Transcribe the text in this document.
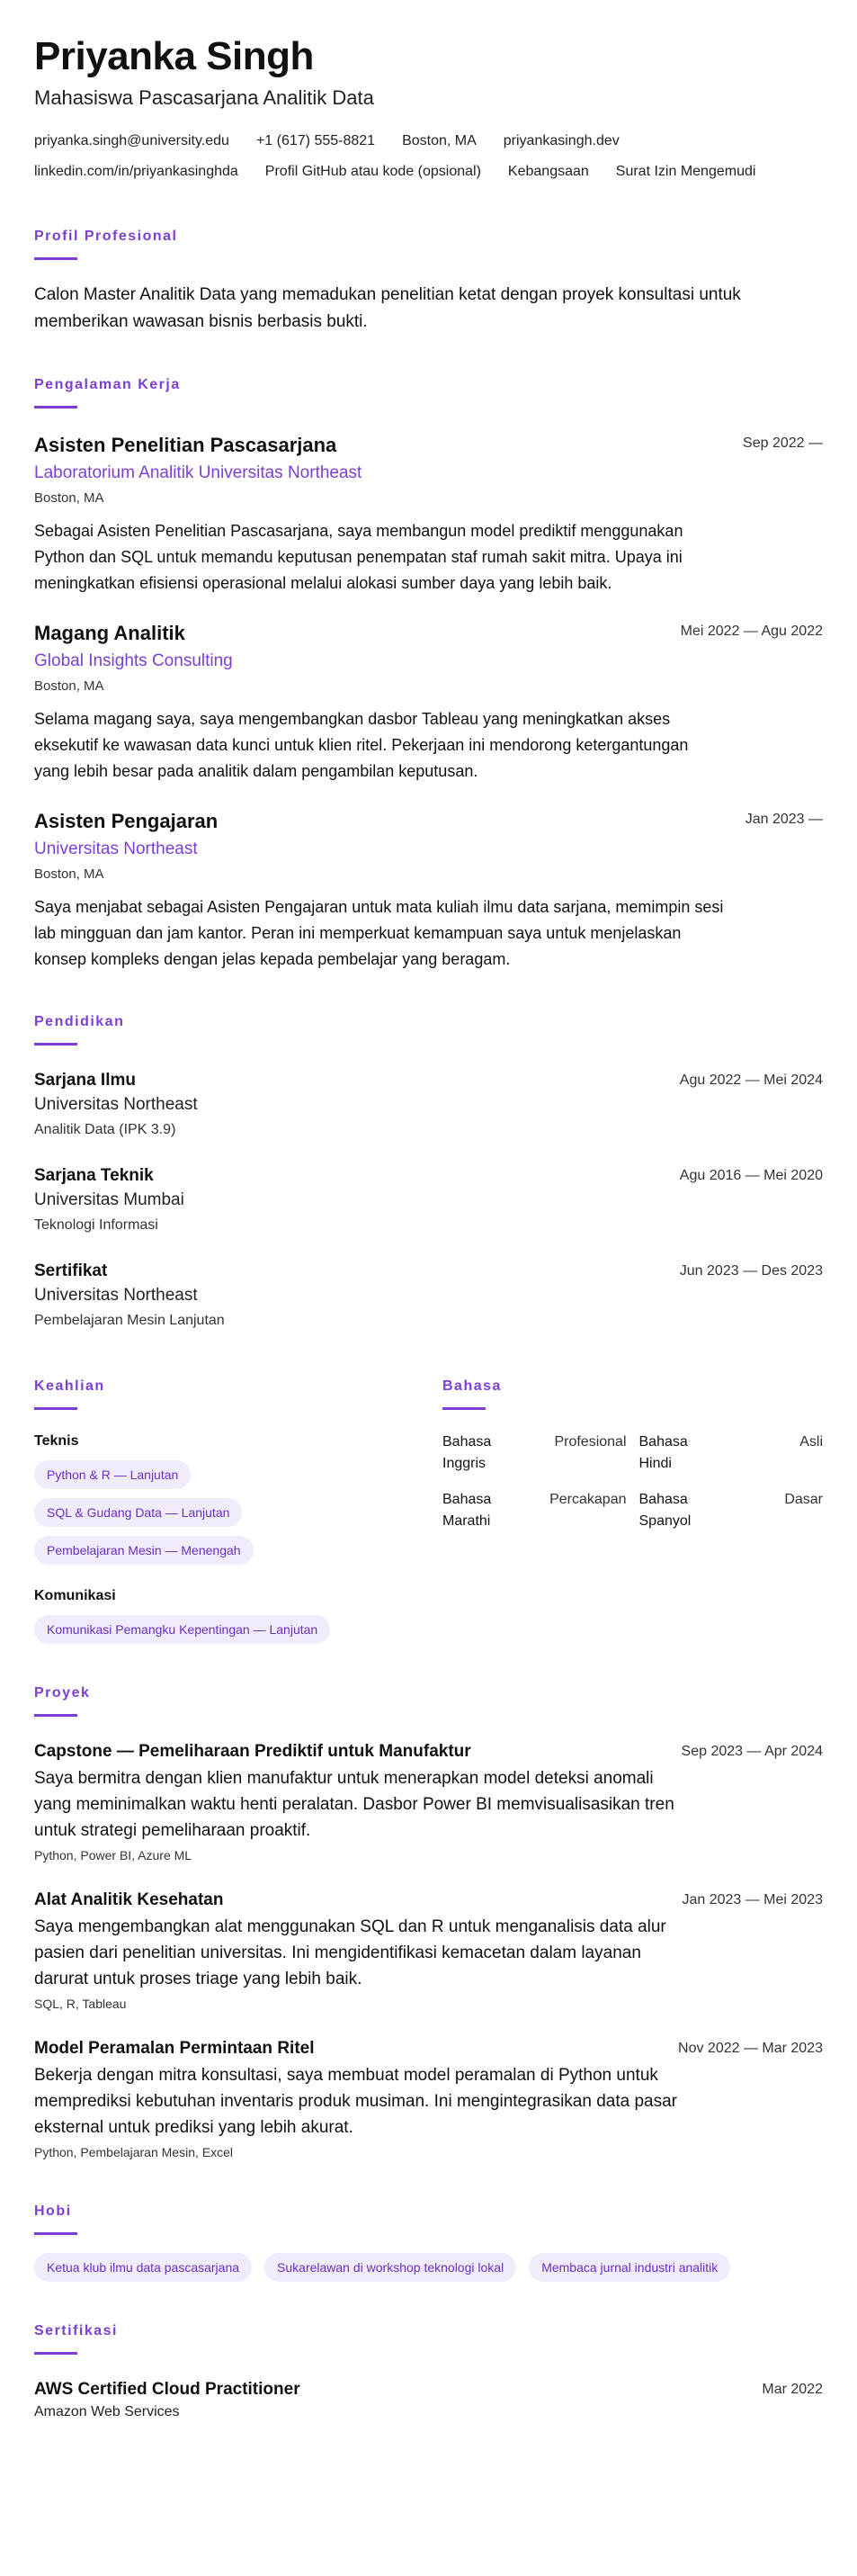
Priyanka Singh
Mahasiswa Pascasarjana Analitik Data
priyanka.singh@university.edu +1 (617) 555-8821 Boston, MA priyankasingh.dev
linkedin.com/in/priyankasinghda Profil GitHub atau kode (opsional) Kebangsaan Surat Izin Mengemudi
Profil Profesional
Calon Master Analitik Data yang memadukan penelitian ketat dengan proyek konsultasi untuk memberikan wawasan bisnis berbasis bukti.
Pengalaman Kerja
Sep 2022 —
Asisten Penelitian Pascasarjana
Laboratorium Analitik Universitas Northeast
Boston, MA
Sebagai Asisten Penelitian Pascasarjana, saya membangun model prediktif menggunakan Python dan SQL untuk memandu keputusan penempatan staf rumah sakit mitra. Upaya ini meningkatkan efisiensi operasional melalui alokasi sumber daya yang lebih baik.
Mei 2022 — Agu 2022
Magang Analitik
Global Insights Consulting
Boston, MA
Selama magang saya, saya mengembangkan dasbor Tableau yang meningkatkan akses eksekutif ke wawasan data kunci untuk klien ritel. Pekerjaan ini mendorong ketergantungan yang lebih besar pada analitik dalam pengambilan keputusan.
Jan 2023 —
Asisten Pengajaran
Universitas Northeast
Boston, MA
Saya menjabat sebagai Asisten Pengajaran untuk mata kuliah ilmu data sarjana, memimpin sesi lab mingguan dan jam kantor. Peran ini memperkuat kemampuan saya untuk menjelaskan konsep kompleks dengan jelas kepada pembelajar yang beragam.
Pendidikan
Agu 2022 — Mei 2024
Sarjana Ilmu
Universitas Northeast
Analitik Data (IPK 3.9)
Agu 2016 — Mei 2020
Sarjana Teknik
Universitas Mumbai
Teknologi Informasi
Jun 2023 — Des 2023
Sertifikat
Universitas Northeast
Pembelajaran Mesin Lanjutan
Keahlian
Teknis
Python & R — Lanjutan
SQL & Gudang Data — Lanjutan
Pembelajaran Mesin — Menengah
Komunikasi
Komunikasi Pemangku Kepentingan — Lanjutan
Bahasa
Bahasa Inggris
Profesional Bahasa Hindi
Asli
Bahasa Marathi
Percakapan Bahasa Spanyol
Dasar
Proyek
Sep 2023 — Apr 2024
Capstone — Pemeliharaan Prediktif untuk Manufaktur
Saya bermitra dengan klien manufaktur untuk menerapkan model deteksi anomali yang meminimalkan waktu henti peralatan. Dasbor Power BI memvisualisasikan tren untuk strategi pemeliharaan proaktif.
Python, Power BI, Azure ML
Jan 2023 — Mei 2023
Alat Analitik Kesehatan
Saya mengembangkan alat menggunakan SQL dan R untuk menganalisis data alur pasien dari penelitian universitas. Ini mengidentifikasi kemacetan dalam layanan darurat untuk proses triage yang lebih baik.
SQL, R, Tableau
Nov 2022 — Mar 2023
Model Peramalan Permintaan Ritel
Bekerja dengan mitra konsultasi, saya membuat model peramalan di Python untuk memprediksi kebutuhan inventaris produk musiman. Ini mengintegrasikan data pasar eksternal untuk prediksi yang lebih akurat.
Python, Pembelajaran Mesin, Excel
Hobi
Ketua klub ilmu data pascasarjana	Sukarelawan di workshop teknologi lokal	Membaca jurnal industri analitik
Sertifikasi
Mar 2022
AWS Certified Cloud Practitioner
Amazon Web Services
